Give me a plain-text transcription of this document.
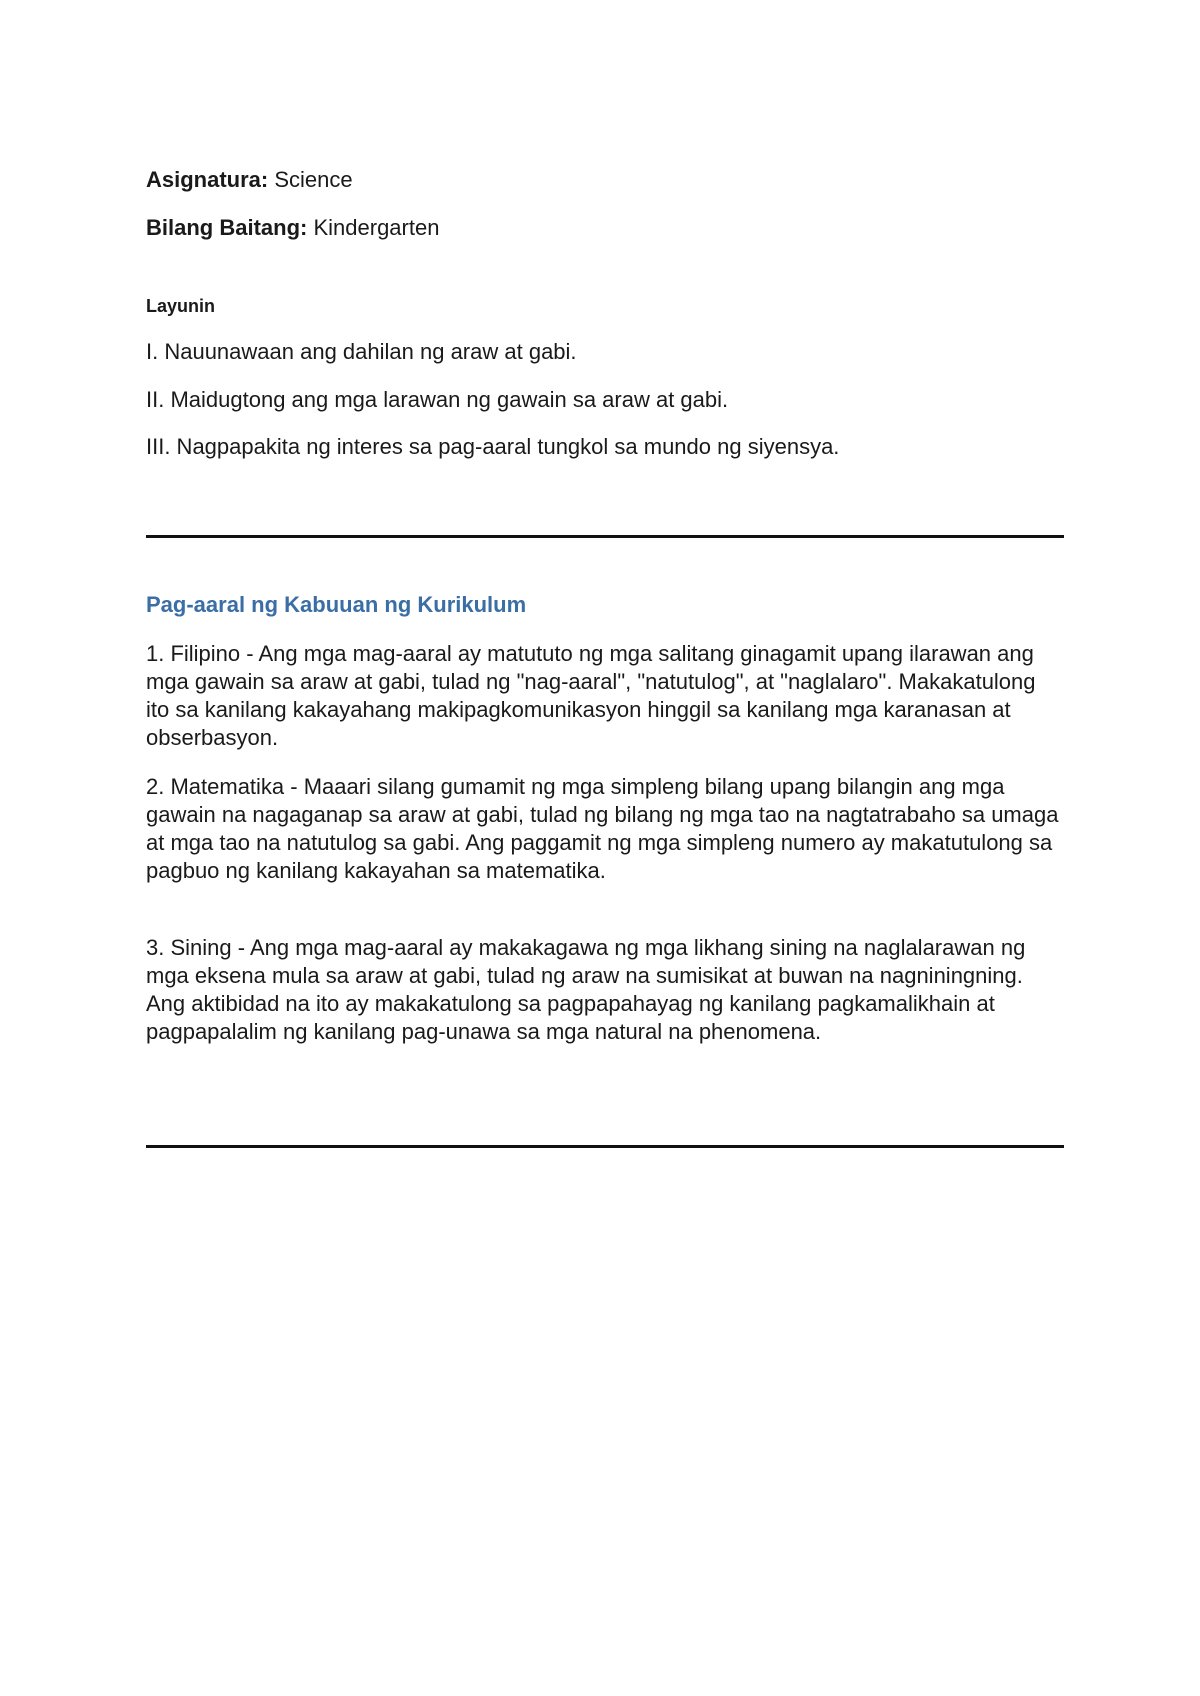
Asignatura: Science
Bilang Baitang: Kindergarten
Layunin
I. Nauunawaan ang dahilan ng araw at gabi.
II. Maidugtong ang mga larawan ng gawain sa araw at gabi.
III. Nagpapakita ng interes sa pag-aaral tungkol sa mundo ng siyensya.
Pag-aaral ng Kabuuan ng Kurikulum

1. Filipino - Ang mga mag-aaral ay matututo ng mga salitang ginagamit upang ilarawan ang mga gawain sa araw at gabi, tulad ng "nag-aaral", "natutulog", at "naglalaro". Makakatulong ito sa kanilang kakayahang makipagkomunikasyon hinggil sa kanilang mga karanasan at obserbasyon.

2. Matematika - Maaari silang gumamit ng mga simpleng bilang upang bilangin ang mga gawain na nagaganap sa araw at gabi, tulad ng bilang ng mga tao na nagtatrabaho sa umaga at mga tao na natutulog sa gabi. Ang paggamit ng mga simpleng numero ay makatutulong sa pagbuo ng kanilang kakayahan sa matematika.

3. Sining - Ang mga mag-aaral ay makakagawa ng mga likhang sining na naglalarawan ng mga eksena mula sa araw at gabi, tulad ng araw na sumisikat at buwan na nagniningning. Ang aktibidad na ito ay makakatulong sa pagpapahayag ng kanilang pagkamalikhain at pagpapalalim ng kanilang pag-unawa sa mga natural na phenomena.
